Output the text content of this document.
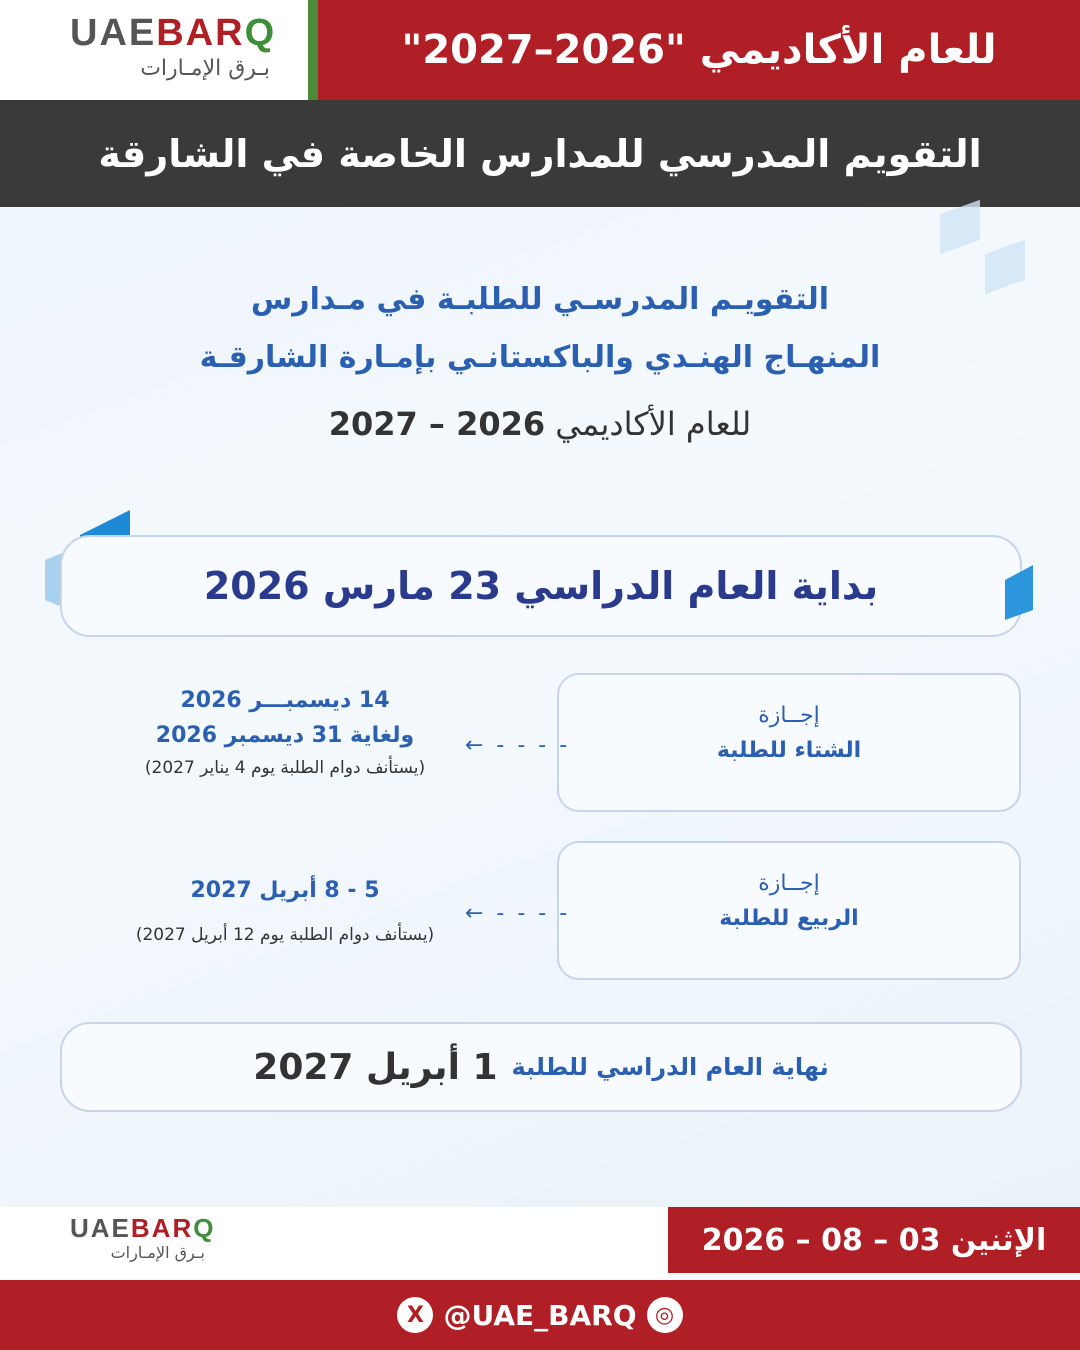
UAEBARQ
بـرق الإمـارات	للعام الأكاديمي "2026–2027"
التقويم المدرسي للمدارس الخاصة في الشارقة
التقويـم المدرسـي للطلبـة في مـدارس
المنهـاج الهنـدي والباكستانـي بإمـارة الشارقـة
للعام الأكاديمي 2026 – 2027
بداية العام الدراسي 23 مارس 2026
إجــازة
الشتاء للطلبة
← - - - -
14 ديسمبـــر 2026
ولغاية 31 ديسمبر 2026
(يستأنف دوام الطلبة يوم 4 يناير 2027)
إجــازة
الربيع للطلبة
← - - - -
5 - 8 أبريل 2027
(يستأنف دوام الطلبة يوم 12 أبريل 2027)
نهاية العام الدراسي للطلبة
1 أبريل 2027
UAEBARQ
بـرق الإمـارات	الإثنين 03 – 08 – 2026
X @UAE_BARQ ◎
